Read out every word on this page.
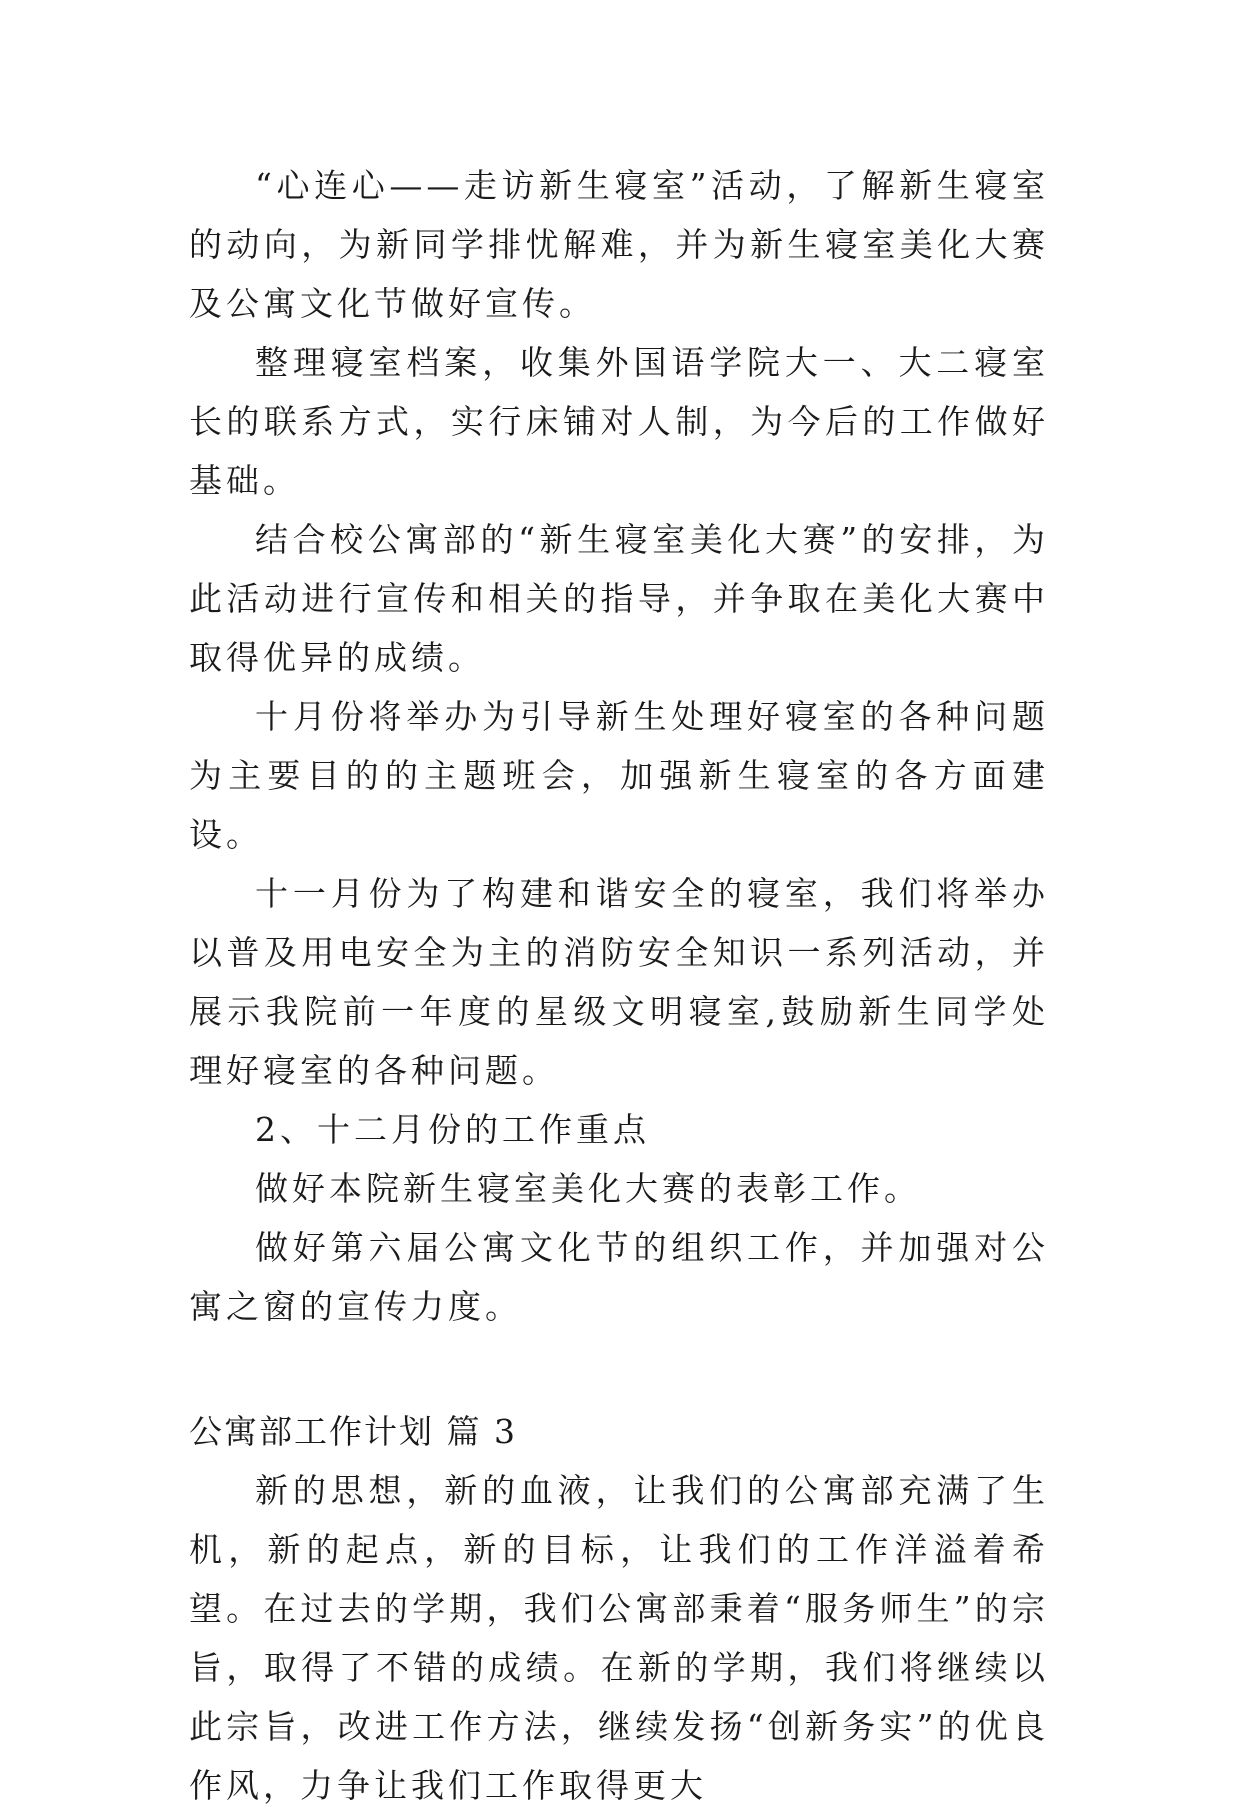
“心连心——走访新生寝室”活动，了解新生寝室的动向，为新同学排忧解难，并为新生寝室美化大赛及公寓文化节做好宣传。

整理寝室档案，收集外国语学院大一、大二寝室长的联系方式，实行床铺对人制，为今后的工作做好基础。

结合校公寓部的“新生寝室美化大赛”的安排，为此活动进行宣传和相关的指导，并争取在美化大赛中取得优异的成绩。

十月份将举办为引导新生处理好寝室的各种问题为主要目的的主题班会，加强新生寝室的各方面建设。

十一月份为了构建和谐安全的寝室，我们将举办以普及用电安全为主的消防安全知识一系列活动，并展示我院前一年度的星级文明寝室,鼓励新生同学处理好寝室的各种问题。

2、十二月份的工作重点

做好本院新生寝室美化大赛的表彰工作。

做好第六届公寓文化节的组织工作，并加强对公寓之窗的宣传力度。

公寓部工作计划 篇 3

新的思想，新的血液，让我们的公寓部充满了生机，新的起点，新的目标，让我们的工作洋溢着希望。在过去的学期，我们公寓部秉着“服务师生”的宗旨，取得了不错的成绩。在新的学期，我们将继续以此宗旨，改进工作方法，继续发扬“创新务实”的优良作风，力争让我们工作取得更大
